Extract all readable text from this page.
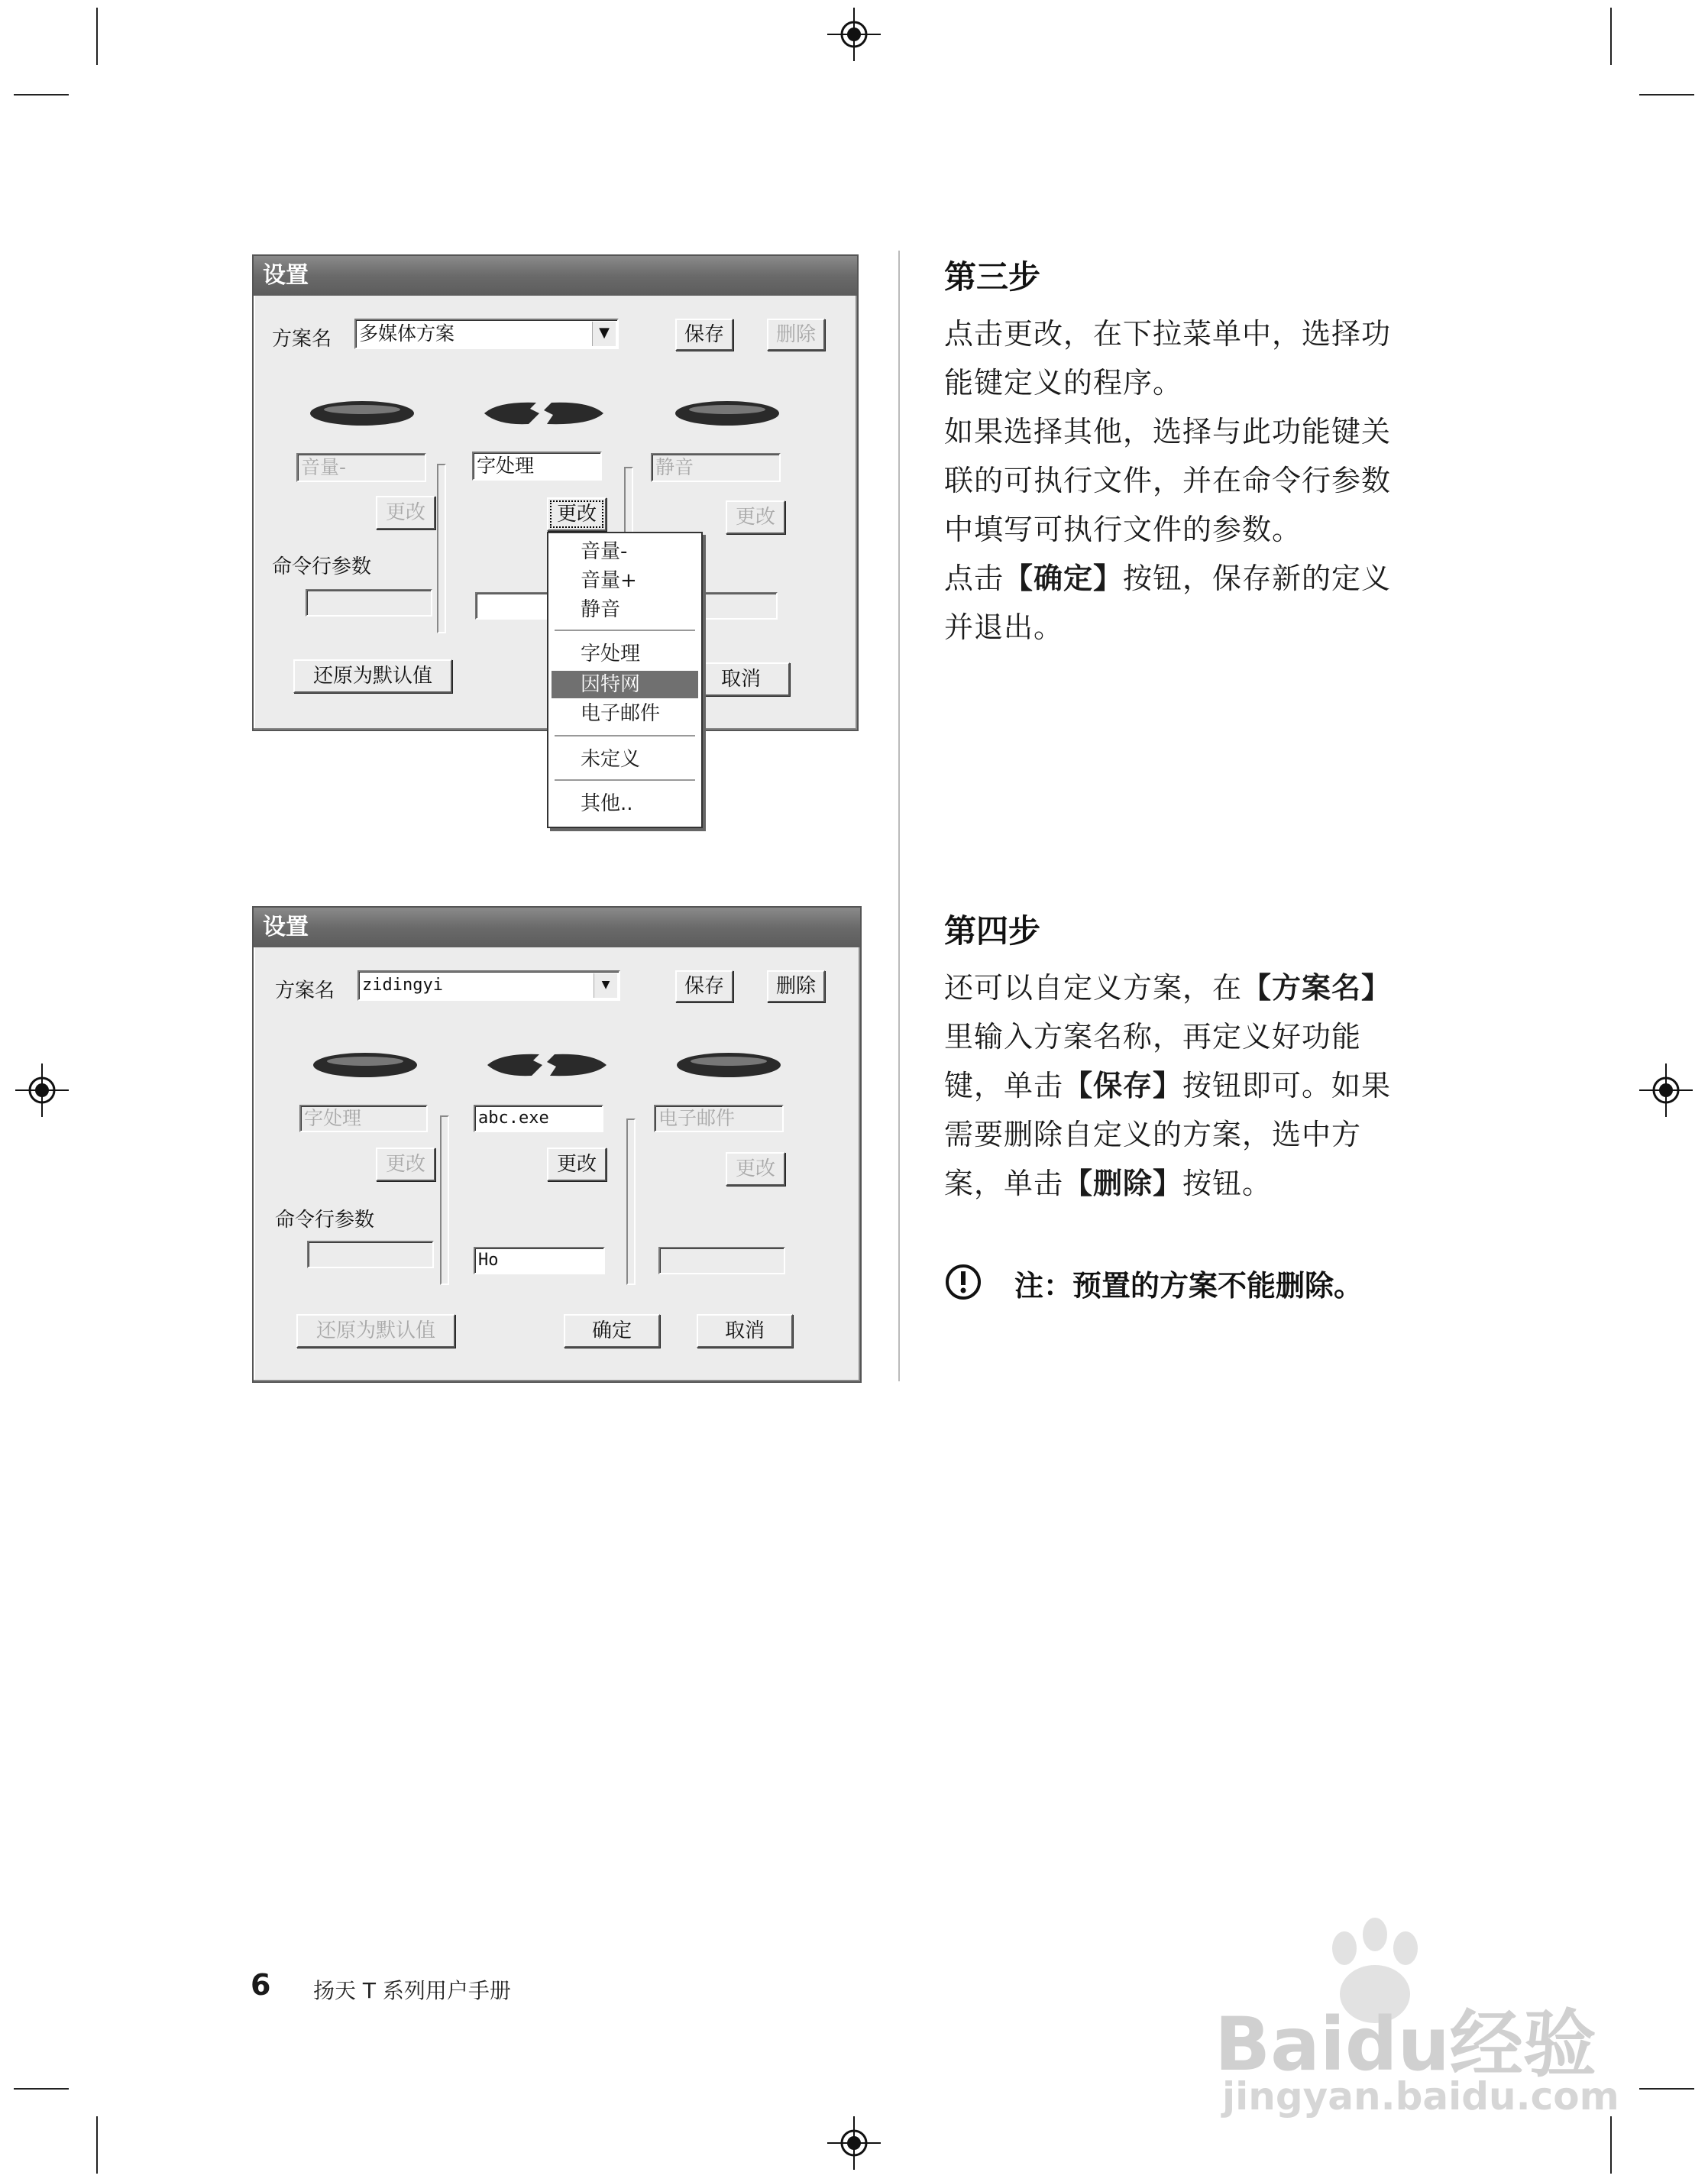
设置
方案名 多媒体方案	▼	保存	删除
音量-	字处理	静音
更改	更改	更改
命令行参数
还原为默认值	取消
音量-
音量+
静音
字处理
因特网
电子邮件
未定义
其他..
设置
方案名 zidingyi	▼	保存	删除
字处理	abc.exe	电子邮件
更改	更改	更改
命令行参数
Ho
还原为默认值	确定	取消
第三步
点击更改，在下拉菜单中，选择功能键定义的程序。
如果选择其他，选择与此功能键关联的可执行文件，并在命令行参数中填写可执行文件的参数。
点击【确定】按钮，保存新的定义并退出。
第四步
还可以自定义方案，在【方案名】里输入方案名称，再定义好功能键，单击【保存】按钮即可。如果需要删除自定义的方案，选中方案，单击【删除】按钮。
注：预置的方案不能删除。
6 扬天 T 系列用户手册
Baidu经验
jingyan.baidu.com
